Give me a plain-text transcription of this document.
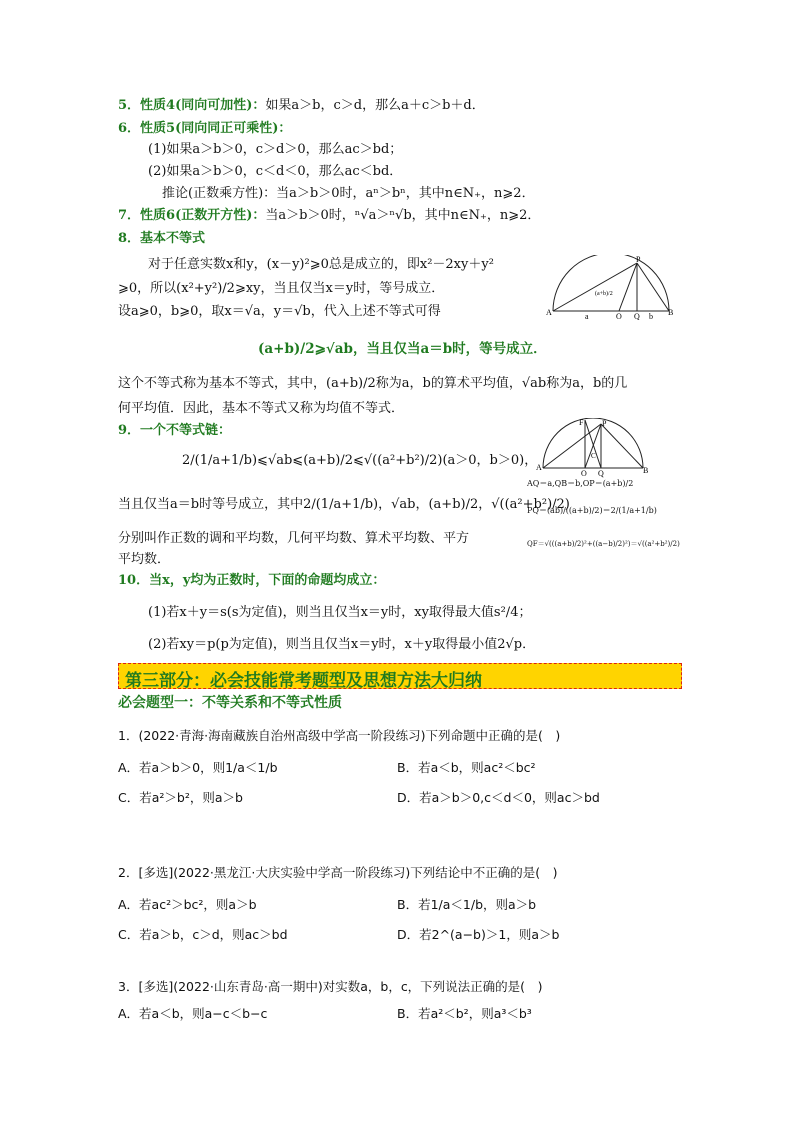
5．性质4(同向可加性)：如果a＞b，c＞d，那么a＋c＞b＋d．
6．性质5(同向同正可乘性)：
(1)如果a＞b＞0，c＞d＞0，那么ac＞bd；
(2)如果a＞b＞0，c＜d＜0，那么ac＜bd．
推论(正数乘方性)：当a＞b＞0时，aⁿ＞bⁿ，其中n∈N₊，n⩾2．
7．性质6(正数开方性)：当a＞b＞0时，ⁿ√a＞ⁿ√b，其中n∈N₊，n⩾2．
8．基本不等式
对于任意实数x和y，(x－y)²⩾0总是成立的，即x²－2xy＋y²
⩾0，所以(x²+y²)/2⩾xy，当且仅当x＝y时，等号成立．
设a⩾0，b⩾0，取x＝√a，y＝√b，代入上述不等式可得
(a+b)/2⩾√ab，当且仅当a＝b时，等号成立．
这个不等式称为基本不等式，其中，(a+b)/2称为a，b的算术平均值，√ab称为a，b的几
何平均值．因此，基本不等式又称为均值不等式．
P
A	a	O Q b B
(a+b)/2
9．一个不等式链：
2/(1/a+1/b)⩽√ab⩽(a+b)/2⩽√((a²+b²)/2)(a＞0，b＞0)，
当且仅当a＝b时等号成立，其中2/(1/a+1/b)，√ab，(a+b)/2，√((a²+b²)/2)
分别叫作正数的调和平均数，几何平均数、算术平均数、平方
平均数．
F P
A
O Q
C
B
AQ＝a,QB＝b,OP＝(a+b)/2
PQ＝(ab)/((a+b)/2)＝2/(1/a+1/b)
QF＝√(((a+b)/2)²+((a−b)/2)²)＝√((a²+b²)/2)
10．当x，y均为正数时，下面的命题均成立：
(1)若x＋y＝s(s为定值)，则当且仅当x＝y时，xy取得最大值s²/4；
(2)若xy＝p(p为定值)，则当且仅当x＝y时，x＋y取得最小值2√p．
第三部分：必会技能常考题型及思想方法大归纳
必会题型一：不等关系和不等式性质
1．(2022·青海·海南藏族自治州高级中学高一阶段练习)下列命题中正确的是(　)
A．若a＞b＞0，则1/a＜1/b	B．若a＜b，则ac²＜bc²
C．若a²＞b²，则a＞b	D．若a＞b＞0,c＜d＜0，则ac＞bd
2．[多选](2022·黑龙江·大庆实验中学高一阶段练习)下列结论中不正确的是(　)
A．若ac²＞bc²，则a＞b	B．若1/a＜1/b，则a＞b
C．若a＞b，c＞d，则ac＞bd	D．若2^(a−b)＞1，则a＞b
3．[多选](2022·山东青岛·高一期中)对实数a，b，c，下列说法正确的是(　)
A．若a＜b，则a−c＜b−c	B．若a²＜b²，则a³＜b³
